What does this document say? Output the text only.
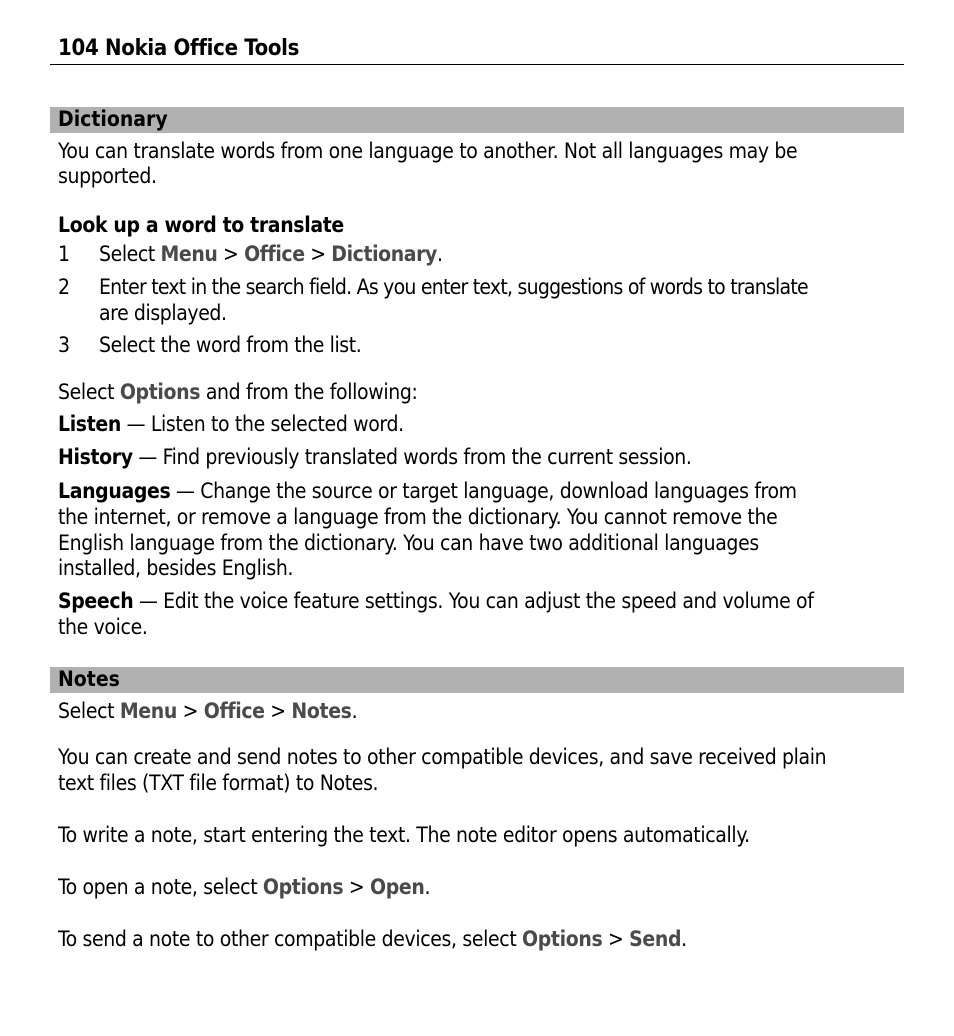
104 Nokia Office Tools
Dictionary
You can translate words from one language to another. Not all languages may be
supported.
Look up a word to translate
1 Select Menu > Office > Dictionary.
2 Enter text in the search field. As you enter text, suggestions of words to translate
are displayed.
3 Select the word from the list.
Select Options and from the following:
Listen — Listen to the selected word.
History — Find previously translated words from the current session.
Languages — Change the source or target language, download languages from
the internet, or remove a language from the dictionary. You cannot remove the
English language from the dictionary. You can have two additional languages
installed, besides English.
Speech — Edit the voice feature settings. You can adjust the speed and volume of
the voice.
Notes
Select Menu > Office > Notes.
You can create and send notes to other compatible devices, and save received plain
text files (TXT file format) to Notes.
To write a note, start entering the text. The note editor opens automatically.
To open a note, select Options > Open.
To send a note to other compatible devices, select Options > Send.
